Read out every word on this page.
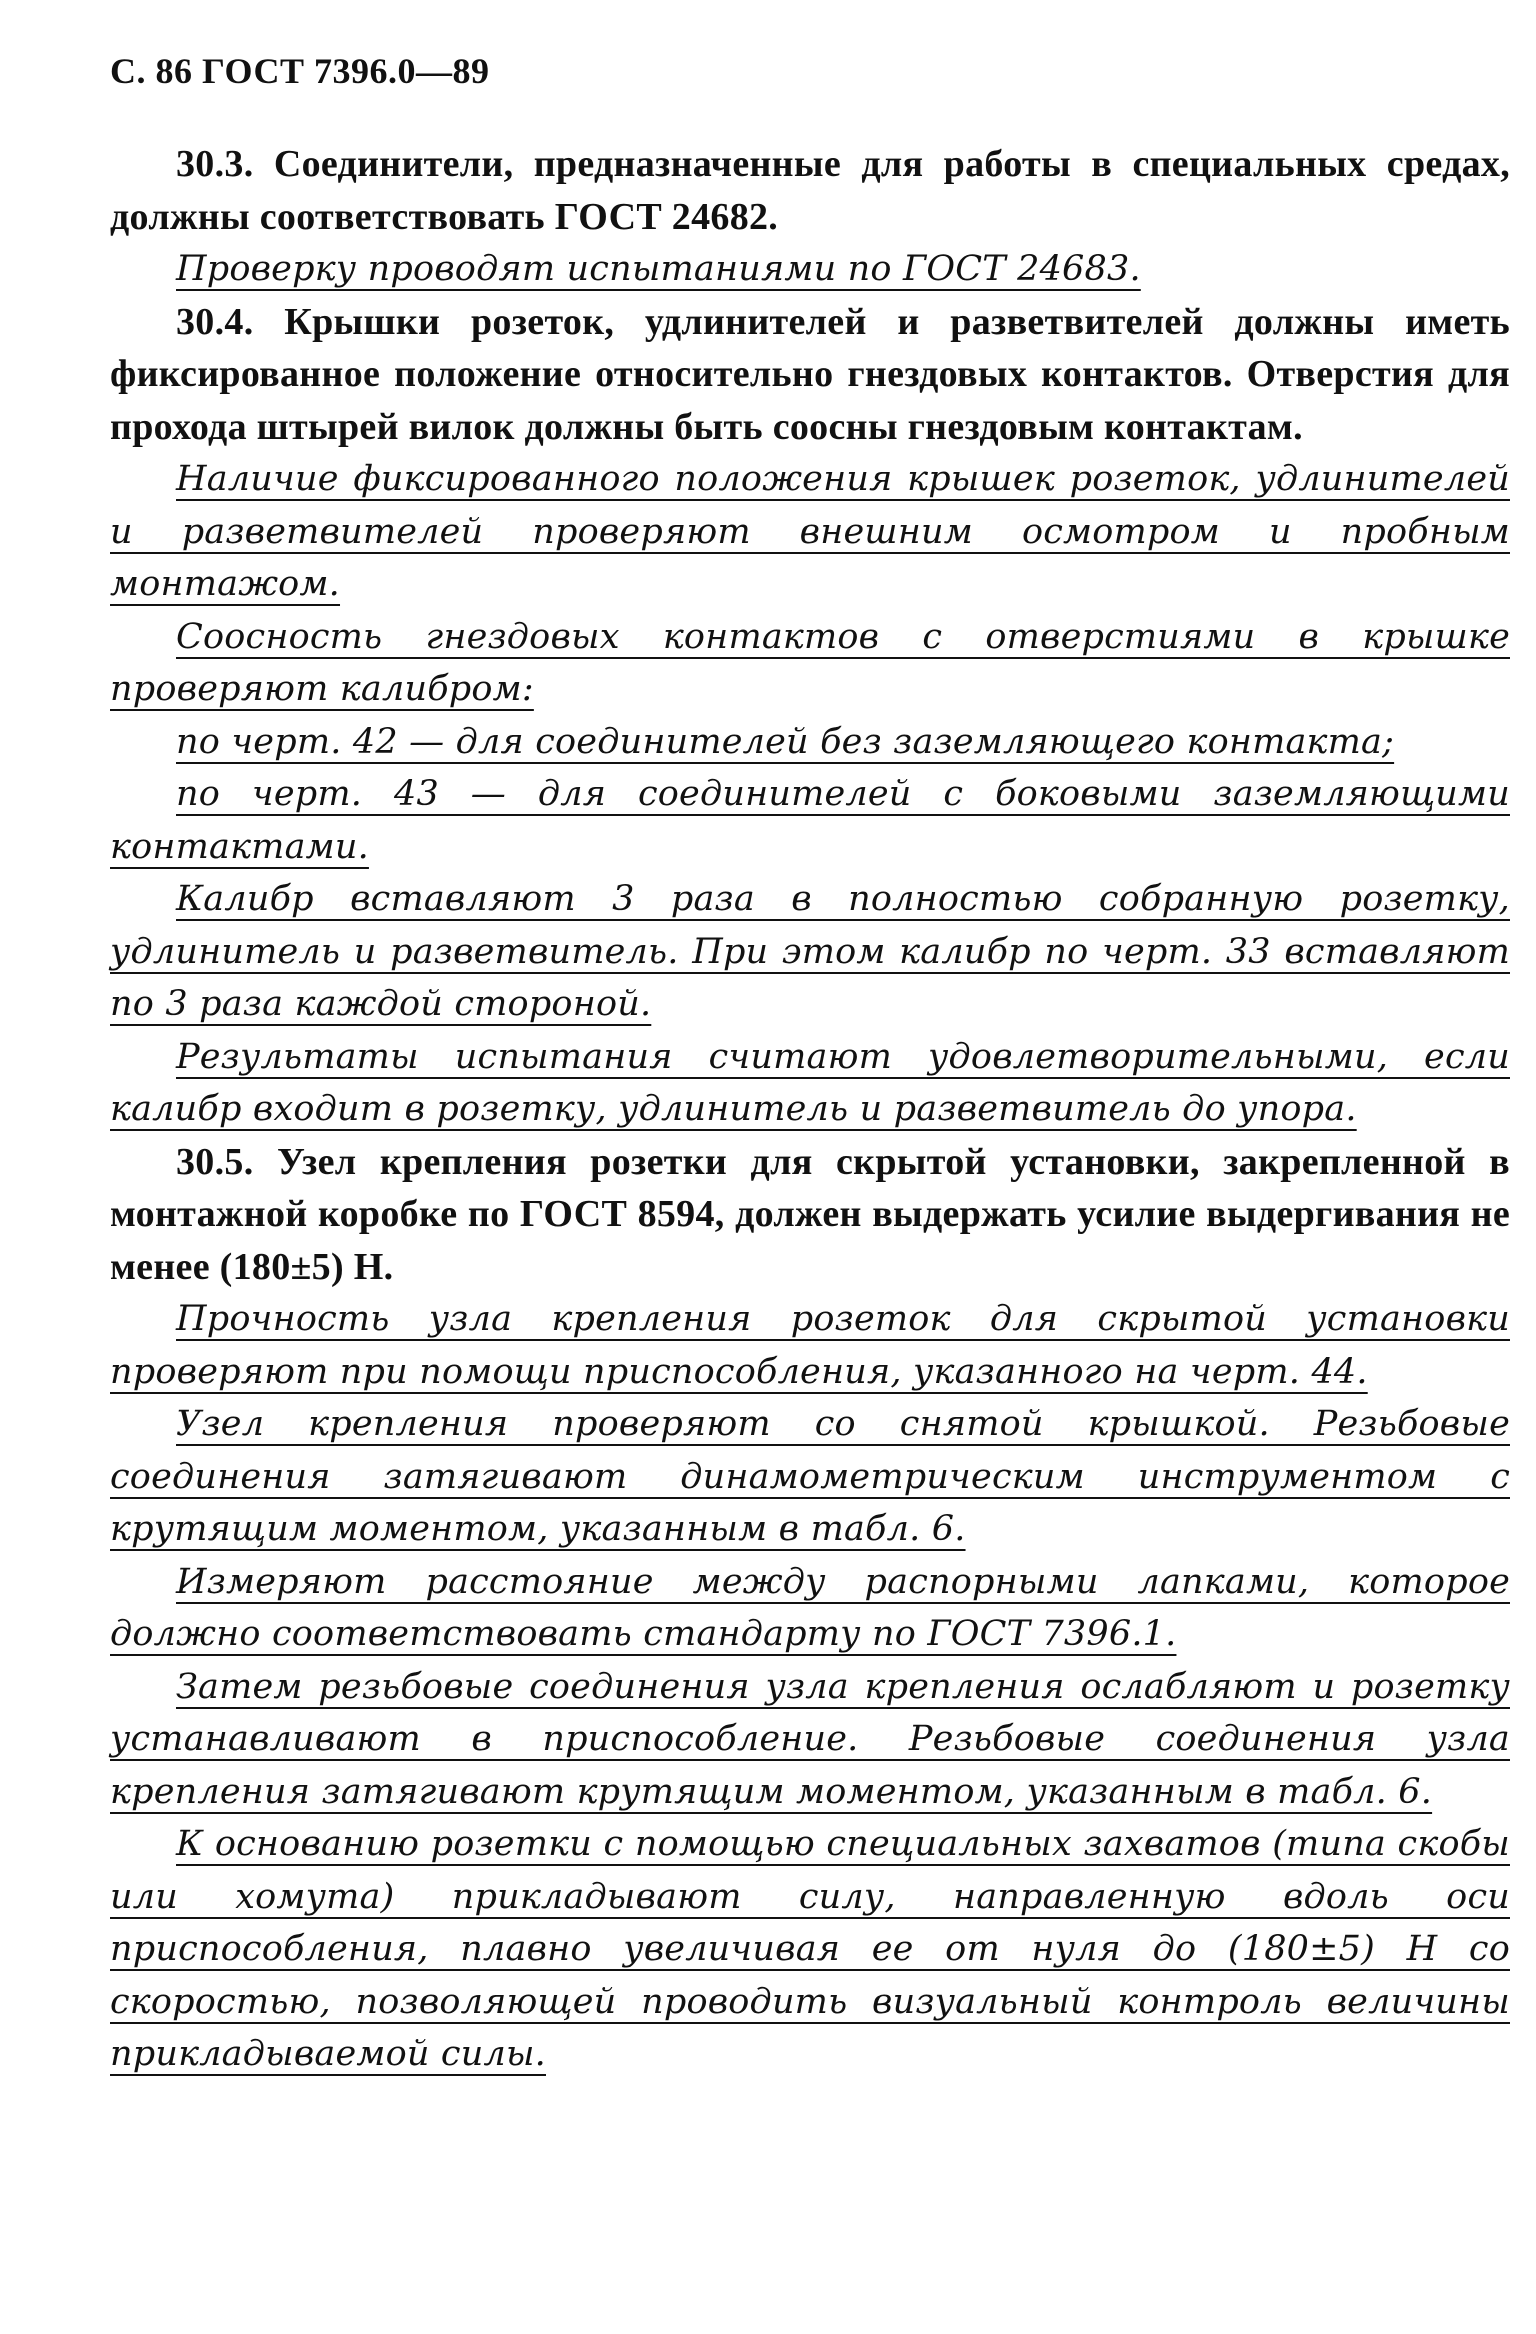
С. 86 ГОСТ 7396.0—89

30.3. Соединители, предназначенные для работы в специальных средах, должны соответствовать ГОСТ 24682.

Проверку проводят испытаниями по ГОСТ 24683.

30.4. Крышки розеток, удлинителей и разветвителей должны иметь фиксированное положение относительно гнездовых контактов. Отверстия для прохода штырей вилок должны быть соосны гнездовым контактам.

Наличие фиксированного положения крышек розеток, удлинителей и разветвителей проверяют внешним осмотром и пробным монтажом.

Соосность гнездовых контактов с отверстиями в крышке проверяют калибром:

по черт. 42 — для соединителей без заземляющего контакта;

по черт. 43 — для соединителей с боковыми заземляющими контактами.

Калибр вставляют 3 раза в полностью собранную розетку, удлинитель и разветвитель. При этом калибр по черт. 33 вставляют по 3 раза каждой стороной.

Результаты испытания считают удовлетворительными, если калибр входит в розетку, удлинитель и разветвитель до упора.

30.5. Узел крепления розетки для скрытой установки, закрепленной в монтажной коробке по ГОСТ 8594, должен выдержать усилие выдергивания не менее (180±5) Н.

Прочность узла крепления розеток для скрытой установки проверяют при помощи приспособления, указанного на черт. 44.

Узел крепления проверяют со снятой крышкой. Резьбовые соединения затягивают динамометрическим инструментом с крутящим моментом, указанным в табл. 6.

Измеряют расстояние между распорными лапками, которое должно соответствовать стандарту по ГОСТ 7396.1.

Затем резьбовые соединения узла крепления ослабляют и розетку устанавливают в приспособление. Резьбовые соединения узла крепления затягивают крутящим моментом, указанным в табл. 6.

К основанию розетки с помощью специальных захватов (типа скобы или хомута) прикладывают силу, направленную вдоль оси приспособления, плавно увеличивая ее от нуля до (180±5) Н со скоростью, позволяющей проводить визуальный контроль величины прикладываемой силы.
